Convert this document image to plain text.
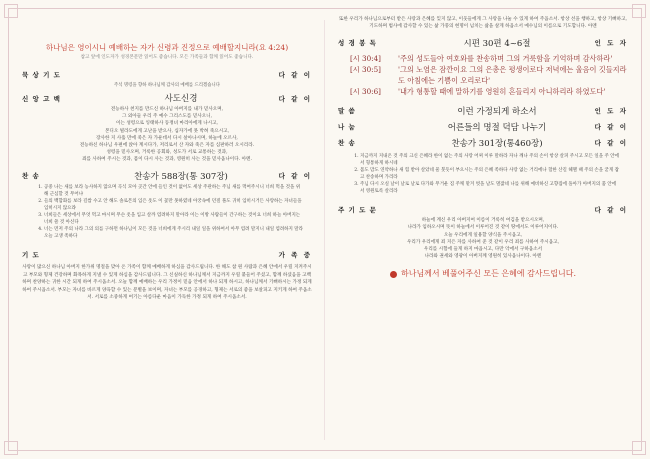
하나님은 영이시니 예배하는 자가 신령과 진정으로 예배할지니라(요 4:24)
참고 앞에 인도자가 성경본문만 읽어도 좋습니다. 모든 가족들과 함께 읽어도 좋습니다.
묵 상 기 도	다 같 이
주석 명령을 향하 하나님께 감사의 예배를 드리겠습니다
신 앙 고 백	사도신경	다 같 이
전능하사 천지를 만드신 하나님 아버지를 내가 믿사오며,
그 외아들 우리 주 예수 그리스도를 믿사오니,
이는 성령으로 잉태하사 동정녀 마리아에게 나시고,
본디오 빌라도에게 고난을 받으사, 십자가에 못 박혀 죽으시고,
장사한 지 사흘 만에 죽은 자 가운데서 다시 살아나시며, 하늘에 오르사,
전능하신 하나님 우편에 앉아 계시다가, 저리로서 산 자와 죽은 자를 심판하러 오시리라.
성령을 믿사오며, 거룩한 공회와, 성도가 서로 교통하는 것과,
죄를 사하여 주시는 것과, 몸이 다시 사는 것과, 영원히 사는 것을 믿사옵나이다. 아멘.
찬 송	찬송가 588장(통 307장)	다 같 이
1. 공중 나는 새를 보라 농사하지 않으며 곡식 모아 곳간 안에 들인 것이 없어도 세상 주관하는 주님 새를 먹여주시니 너희 먹을 것을 위해 근심할 것 무어냐
2. 들의 백합화를 보라 길쌈 수고 안 해도 솔로몬의 입은 옷도 이 꽃만 못하였네 아궁속에 던질 풀도 귀히 입히시거든 사랑하는 자녀들을 입히시지 않으랴
3. 너희들은 세상에서 무엇 먹고 마시며 무슨 옷을 입고 살까 염려하지 말아라 이는 이방 사람들이 간구하는 것이요 너희 하늘 아버지는 너희 쓸 것 아신다
4. 너는 먼저 주의 나라 그의 의를 구하면 하나님이 모든 것을 너희에게 주시리 내일 일을 위하여서 아무 염려 말지니 내일 염려하지 말라 오늘 고생 족하다
기 도	가 족 중
사랑이 많으신 하나님 아버지 한가위 명절을 맞아 온 가족이 함께 예배하게 하심을 감사드립니다. 한 해도 참 원 사람과 은혜 안에서 우릴 지켜주시고 부모와 형제 건강하며 화목하게 지낼 수 있게 하심을 감사드립니다. 그 신실하신 하나님께서 지금까지 우릴 붙들어 주셨고, 함께 하셨음을 고백 하며 찬양하는 귀한 시간 되게 하여 주시옵소서. 오늘 함께 예배하는 우리 가정이 믿음 안에서 하나 되게 하시고, 하나님께서 기뻐하시는 가정 되게 하여 주시옵소서. 부모는 자녀를 바르게 양육할 수 있는 분별을 보이며, 자녀는 부모를 공경하고, 형제는 서로의 좋을 보살피고 지키게 하여 주옵소서. 서로를 소중하게 여기는 아름다운 마음이 가득한 가정 되게 하여 주시옵소서.
또한 우리가 하나님으로부터 받은 사랑과 은혜를 잊지 않고, 이웃들에게 그 사랑을 나눌 수 있게 하여 주옵소서. 항상 선을 행하고, 항상 기뻐하고, 기도하며 범사에 감사할 수 있는 삶 가풍의 현명이 넘치는 삶을 살게 하옵소서 예수님의 이름으로 기도합니다. 아멘
성 경 봉 독	시편 30편 4~6절	인 도 자
[시 30:4]	'주의 성도들아 여호와를 찬송하며 그의 거룩함을 기억하며 감사하라'
[시 30:5]	'그의 노염은 잠깐이요 그의 은총은 평생이로다 저녁에는 울음이 깃들지라도 아침에는 기쁨이 오리로다'
[시 30:6]	'내가 형통할 때에 말하기를 영원히 흔들리지 아니하리라 하였도다'
말 씀	이런 가정되게 하소서	인 도 자
나 눔	어른들의 명절 덕담 나누기	다 같 이
찬 송	찬송가 301장(통460장)	다 같 이
1. 지금까지 지내온 것 주의 크신 은혜라 한이 없는 주의 사랑 어찌 이루 말하라 자나 깨나 주의 손이 항상 살펴 주시고 모든 일을 주 안에서 형통하게 하시네
2. 몸도 맘도 연약하나 새 힘 받아 살았네 물 붓듯이 부으시는 주의 은혜 족하다 사랑 없는 거리에나 험한 산길 헤맬 때 주의 손을 굳게 잡고 찬송하며 가리라
3. 주님 다시 오실 날이 날로 날로 다가와 무거운 짐 주께 맡겨 벗을 날도 멀잖네 나를 위해 예비하신 고향집에 돌아가 아버지의 품 안에서 영원토록 살리라
주 기 도 문	다 같 이
하늘에 계신 우리 아버지여 이름이 거룩히 여김을 받으시오며,
나라가 임하오시며 뜻이 하늘에서 이루어진 것 같이 땅에서도 이루어지이다.
오늘 우리에게 일용할 양식을 주시옵고,
우리가 우리에게 죄 지은 자를 사하여 준 것 같이 우리 죄를 사하여 주시옵고,
우리를 시험에 들게 하지 마옵시고, 다만 악에서 구하옵소서
나라와 권세와 영광이 아버지께 영원히 있사옵나이다. 아멘
하나님께서 베풀어주신 모든 은혜에 감사드립니다.
